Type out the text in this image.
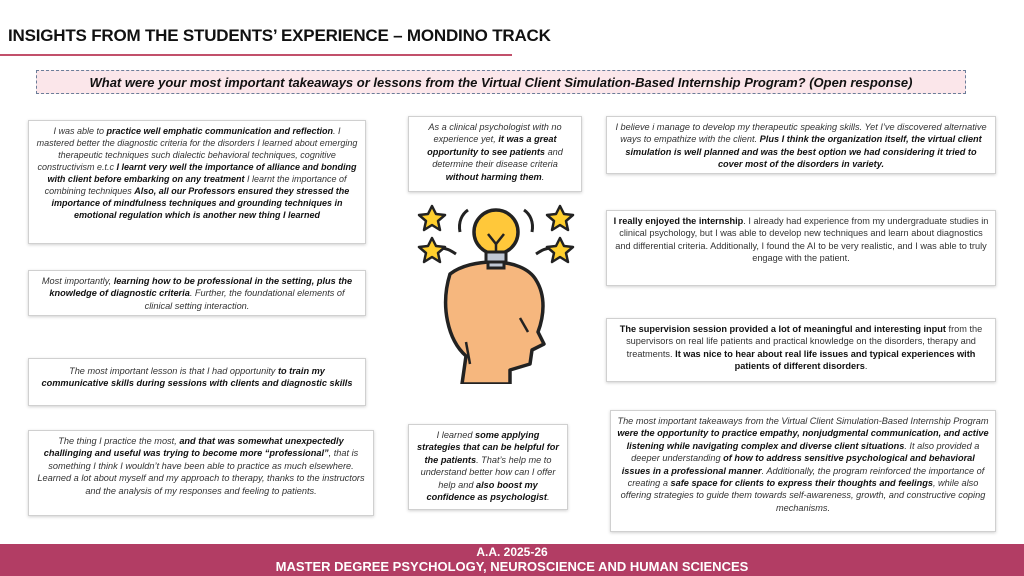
INSIGHTS FROM THE STUDENTS’ EXPERIENCE – MONDINO TRACK
What were your most important takeaways or lessons from the Virtual Client Simulation-Based Internship Program? (Open response)
I was able to practice well emphatic communication and reflection. I mastered better the diagnostic criteria for the disorders I learned about emerging therapeutic techniques such dialectic behavioral techniques, cognitive constructivism e.t.c I learnt very well the importance of alliance and bonding with client before embarking on any treatment I learnt the importance of combining techniques Also, all our Professors ensured they stressed the importance of mindfulness techniques and grounding techniques in emotional regulation which is another new thing I learned
Most importantly, learning how to be professional in the setting, plus the knowledge of diagnostic criteria. Further, the foundational elements of clinical setting interaction.
The most important lesson is that I had opportunity to train my communicative skills during sessions with clients and diagnostic skills
The thing I practice the most, and that was somewhat unexpectedly challinging and useful was trying to become more “professional”, that is something I think I wouldn’t have been able to practice as much elsewhere. Learned a lot about myself and my approach to therapy, thanks to the instructors and the analysis of my responses and feeling to patients.
As a clinical psychologist with no experience yet, it was a great opportunity to see patients and determine their disease criteria without harming them.
I learned some applying strategies that can be helpful for the patients. That’s help me to understand better how can I offer help and also boost my confidence as psychologist.
I believe i manage to develop my therapeutic speaking skills. Yet I’ve discovered alternative ways to empathize with the client. Plus I think the organization itself, the virtual client simulation is well planned and was the best option we had considering it tried to cover most of the disorders in variety.
I really enjoyed the internship. I already had experience from my undergraduate studies in clinical psychology, but I was able to develop new techniques and learn about diagnostics and differential criteria. Additionally, I found the AI to be very realistic, and I was able to truly engage with the patient.
The supervision session provided a lot of meaningful and interesting input from the supervisors on real life patients and practical knowledge on the disorders, therapy and treatments. It was nice to hear about real life issues and typical experiences with patients of different disorders.
The most important takeaways from the Virtual Client Simulation-Based Internship Program were the opportunity to practice empathy, nonjudgmental communication, and active listening while navigating complex and diverse client situations. It also provided a deeper understanding of how to address sensitive psychological and behavioral issues in a professional manner. Additionally, the program reinforced the importance of creating a safe space for clients to express their thoughts and feelings, while also offering strategies to guide them towards self-awareness, growth, and constructive coping mechanisms.
A.A. 2025-26
MASTER DEGREE PSYCHOLOGY, NEUROSCIENCE AND HUMAN SCIENCES
